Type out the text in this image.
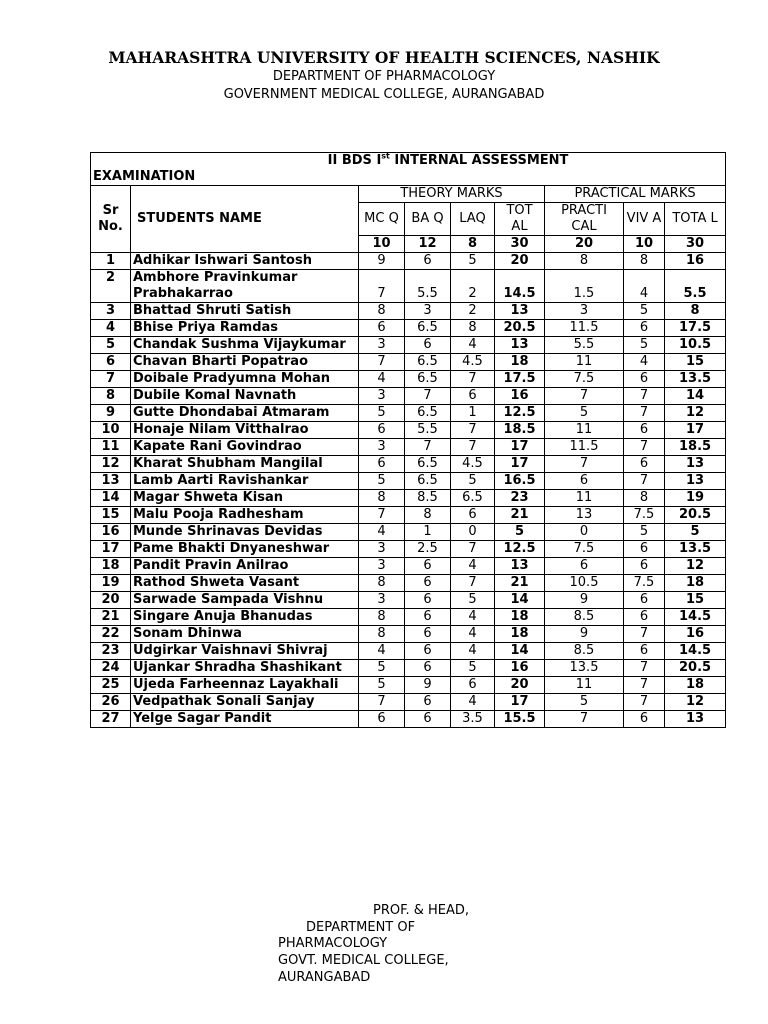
MAHARASHTRA UNIVERSITY OF HEALTH SCIENCES, NASHIK
DEPARTMENT OF PHARMACOLOGY
GOVERNMENT MEDICAL COLLEGE, AURANGABAD
II BDS Ist INTERNAL ASSESSMENT
EXAMINATION								

Sr No.	STUDENTS NAME	THEORY MARKS				PRACTICAL MARKS		
		MC Q	BA Q	LAQ	TOT AL	PRACTI CAL	VIV A	TOTA L
		10	12	8	30	20	10	30
1	Adhikar Ishwari Santosh	9	6	5	20	8	8	16
2	Ambhore Pravinkumar Prabhakarrao	7	5.5	2	14.5	1.5	4	5.5
3	Bhattad Shruti Satish	8	3	2	13	3	5	8
4	Bhise Priya Ramdas	6	6.5	8	20.5	11.5	6	17.5
5	Chandak Sushma Vijaykumar	3	6	4	13	5.5	5	10.5
6	Chavan Bharti Popatrao	7	6.5	4.5	18	11	4	15
7	Doibale Pradyumna Mohan	4	6.5	7	17.5	7.5	6	13.5
8	Dubile Komal Navnath	3	7	6	16	7	7	14
9	Gutte Dhondabai Atmaram	5	6.5	1	12.5	5	7	12
10	Honaje Nilam Vitthalrao	6	5.5	7	18.5	11	6	17
11	Kapate Rani Govindrao	3	7	7	17	11.5	7	18.5
12	Kharat Shubham Mangilal	6	6.5	4.5	17	7	6	13
13	Lamb Aarti Ravishankar	5	6.5	5	16.5	6	7	13
14	Magar Shweta Kisan	8	8.5	6.5	23	11	8	19
15	Malu Pooja Radhesham	7	8	6	21	13	7.5	20.5
16	Munde Shrinavas Devidas	4	1	0	5	0	5	5
17	Pame Bhakti Dnyaneshwar	3	2.5	7	12.5	7.5	6	13.5
18	Pandit Pravin Anilrao	3	6	4	13	6	6	12
19	Rathod Shweta Vasant	8	6	7	21	10.5	7.5	18
20	Sarwade Sampada Vishnu	3	6	5	14	9	6	15
21	Singare Anuja Bhanudas	8	6	4	18	8.5	6	14.5
22	Sonam Dhinwa	8	6	4	18	9	7	16
23	Udgirkar Vaishnavi Shivraj	4	6	4	14	8.5	6	14.5
24	Ujankar Shradha Shashikant	5	6	5	16	13.5	7	20.5
25	Ujeda Farheennaz Layakhali	5	9	6	20	11	7	18
26	Vedpathak Sonali Sanjay	7	6	4	17	5	7	12
27	Yelge Sagar Pandit	6	6	3.5	15.5	7	6	13
PROF. & HEAD,
DEPARTMENT OF
PHARMACOLOGY
GOVT. MEDICAL COLLEGE,
AURANGABAD
